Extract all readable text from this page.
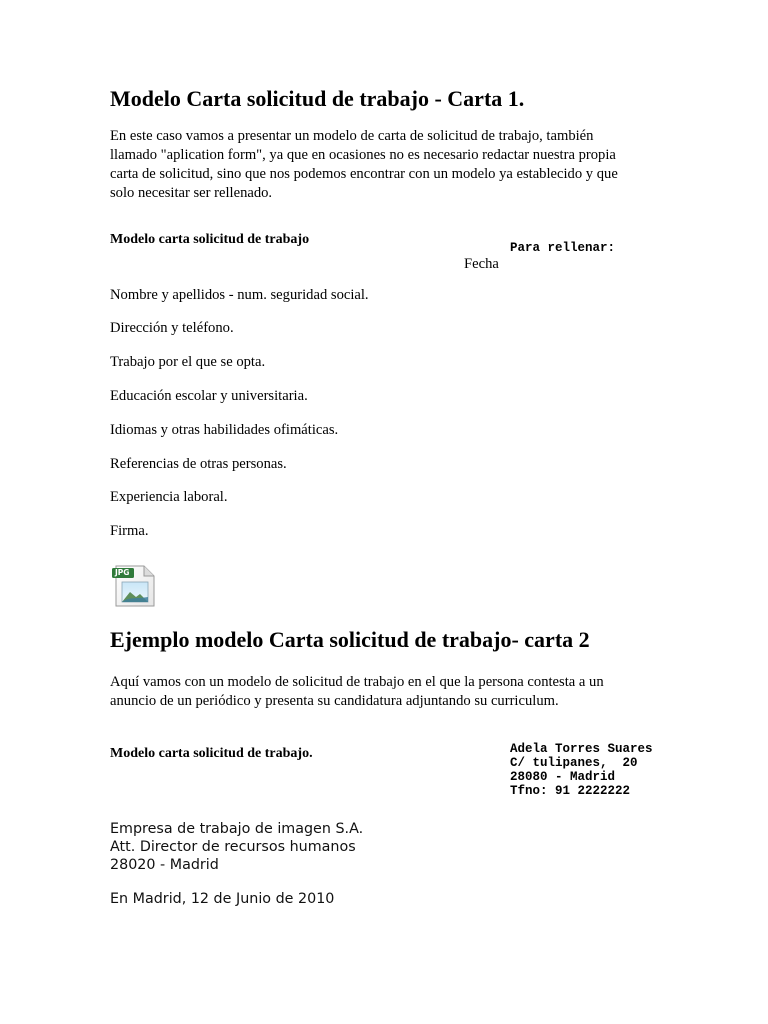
Modelo Carta solicitud de trabajo - Carta 1.
En este caso vamos a presentar un modelo de carta de solicitud de trabajo, también
llamado "aplication form", ya que en ocasiones no es necesario redactar nuestra propia
carta de solicitud, sino que nos podemos encontrar con un modelo ya establecido y que
solo necesitar ser rellenado.
Modelo carta solicitud de trabajo
Para rellenar:
Fecha
Nombre y apellidos - num. seguridad social.
Dirección y teléfono.
Trabajo por el que se opta.
Educación escolar y universitaria.
Idiomas y otras habilidades ofimáticas.
Referencias de otras personas.
Experiencia laboral.
Firma.
JPG
Ejemplo modelo Carta solicitud de trabajo- carta 2
Aquí vamos con un modelo de solicitud de trabajo en el que la persona contesta a un
anuncio de un periódico y presenta su candidatura adjuntando su curriculum.
Modelo carta solicitud de trabajo.	Adela Torres Suares
C/ tulipanes,  20
28080 - Madrid
Tfno: 91 2222222
Empresa de trabajo de imagen S.A.
Att. Director de recursos humanos
28020 - Madrid
En Madrid, 12 de Junio de 2010
